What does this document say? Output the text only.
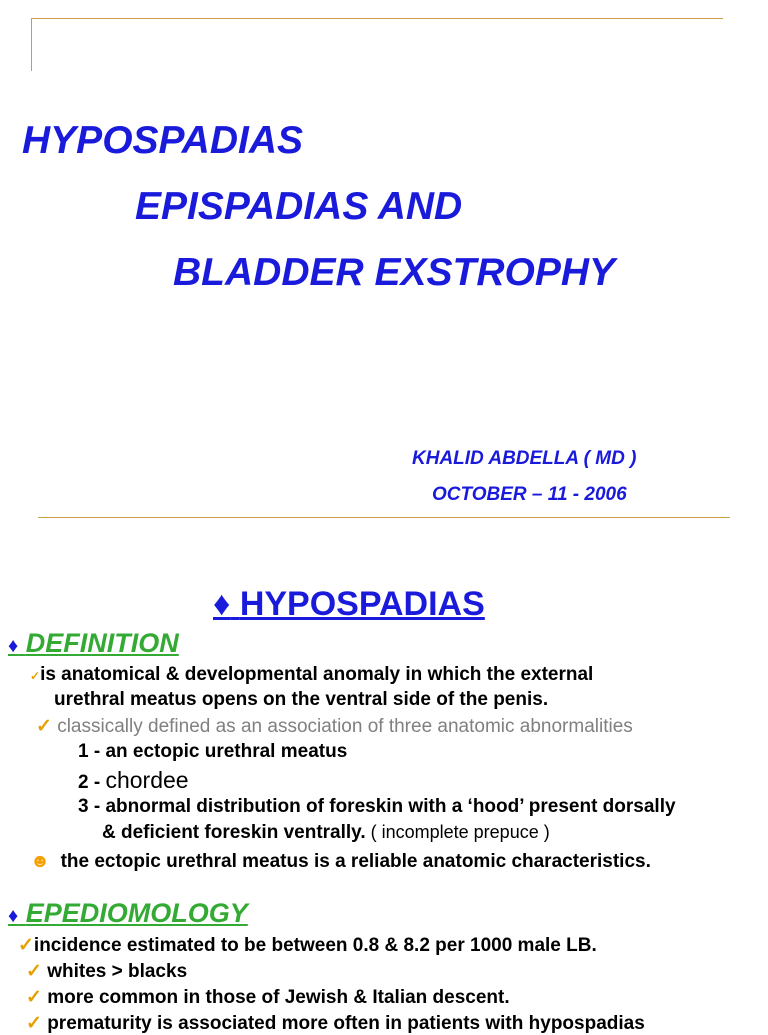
HYPOSPADIAS
EPISPADIAS AND
BLADDER EXSTROPHY
KHALID ABDELLA ( MD )
OCTOBER – 11 - 2006
♦ HYPOSPADIAS
♦ DEFINITION
✓is anatomical & developmental anomaly in which the external
urethral meatus opens on the ventral side of the penis.
✓ classically defined as an association of three anatomic abnormalities
1 - an ectopic urethral meatus
2 - chordee
3 - abnormal distribution of foreskin with a ‘hood’ present dorsally
& deficient foreskin ventrally. ( incomplete prepuce )
☻ the ectopic urethral meatus is a reliable anatomic characteristics.
♦ EPEDIOMOLOGY
✓incidence estimated to be between 0.8 & 8.2 per 1000 male LB.
✓ whites > blacks
✓ more common in those of Jewish & Italian descent.
✓ prematurity is associated more often in patients with hypospadias
